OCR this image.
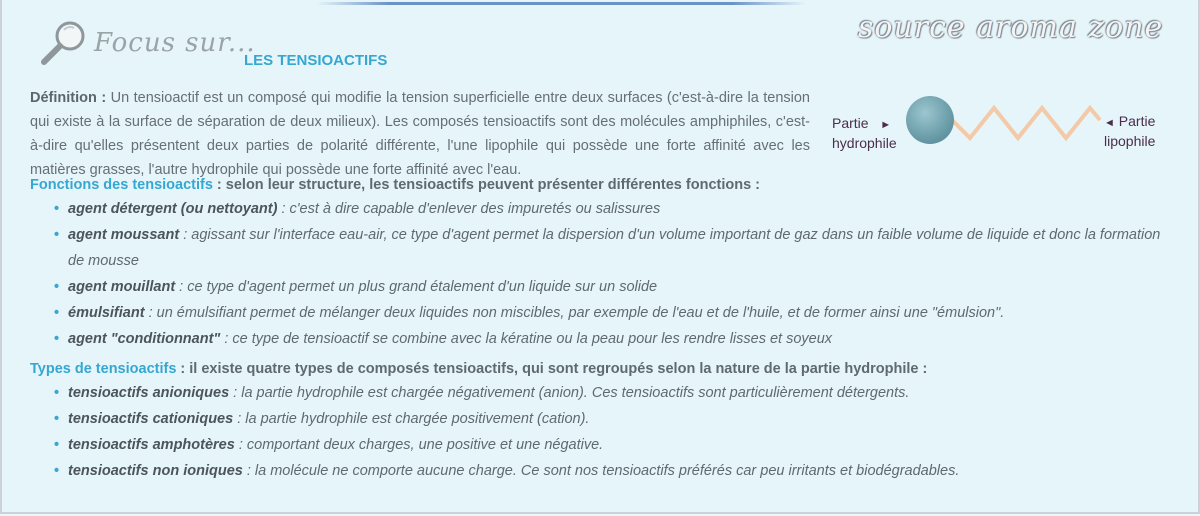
Focus sur...
LES TENSIOACTIFS
source aroma zone
Définition : Un tensioactif est un composé qui modifie la tension superficielle entre deux surfaces (c'est-à-dire la tension qui existe à la surface de séparation de deux milieux). Les composés tensioactifs sont des molécules amphiphiles, c'est-à-dire qu'elles présentent deux parties de polarité différente, l'une lipophile qui possède une forte affinité avec les matières grasses, l'autre hydrophile qui possède une forte affinité avec l'eau.
Partie ►
hydrophile
◄ Partie
lipophile
Fonctions des tensioactifs : selon leur structure, les tensioactifs peuvent présenter différentes fonctions :
• agent détergent (ou nettoyant) : c'est à dire capable d'enlever des impuretés ou salissures
• agent moussant : agissant sur l'interface eau-air, ce type d'agent permet la dispersion d'un volume important de gaz dans un faible volume de liquide et donc la formation de mousse
• agent mouillant : ce type d'agent permet un plus grand étalement d'un liquide sur un solide
• émulsifiant : un émulsifiant permet de mélanger deux liquides non miscibles, par exemple de l'eau et de l'huile, et de former ainsi une "émulsion".
• agent "conditionnant" : ce type de tensioactif se combine avec la kératine ou la peau pour les rendre lisses et soyeux
Types de tensioactifs : il existe quatre types de composés tensioactifs, qui sont regroupés selon la nature de la partie hydrophile :
• tensioactifs anioniques : la partie hydrophile est chargée négativement (anion). Ces tensioactifs sont particulièrement détergents.
• tensioactifs cationiques : la partie hydrophile est chargée positivement (cation).
• tensioactifs amphotères : comportant deux charges, une positive et une négative.
• tensioactifs non ioniques : la molécule ne comporte aucune charge. Ce sont nos tensioactifs préférés car peu irritants et biodégradables.
